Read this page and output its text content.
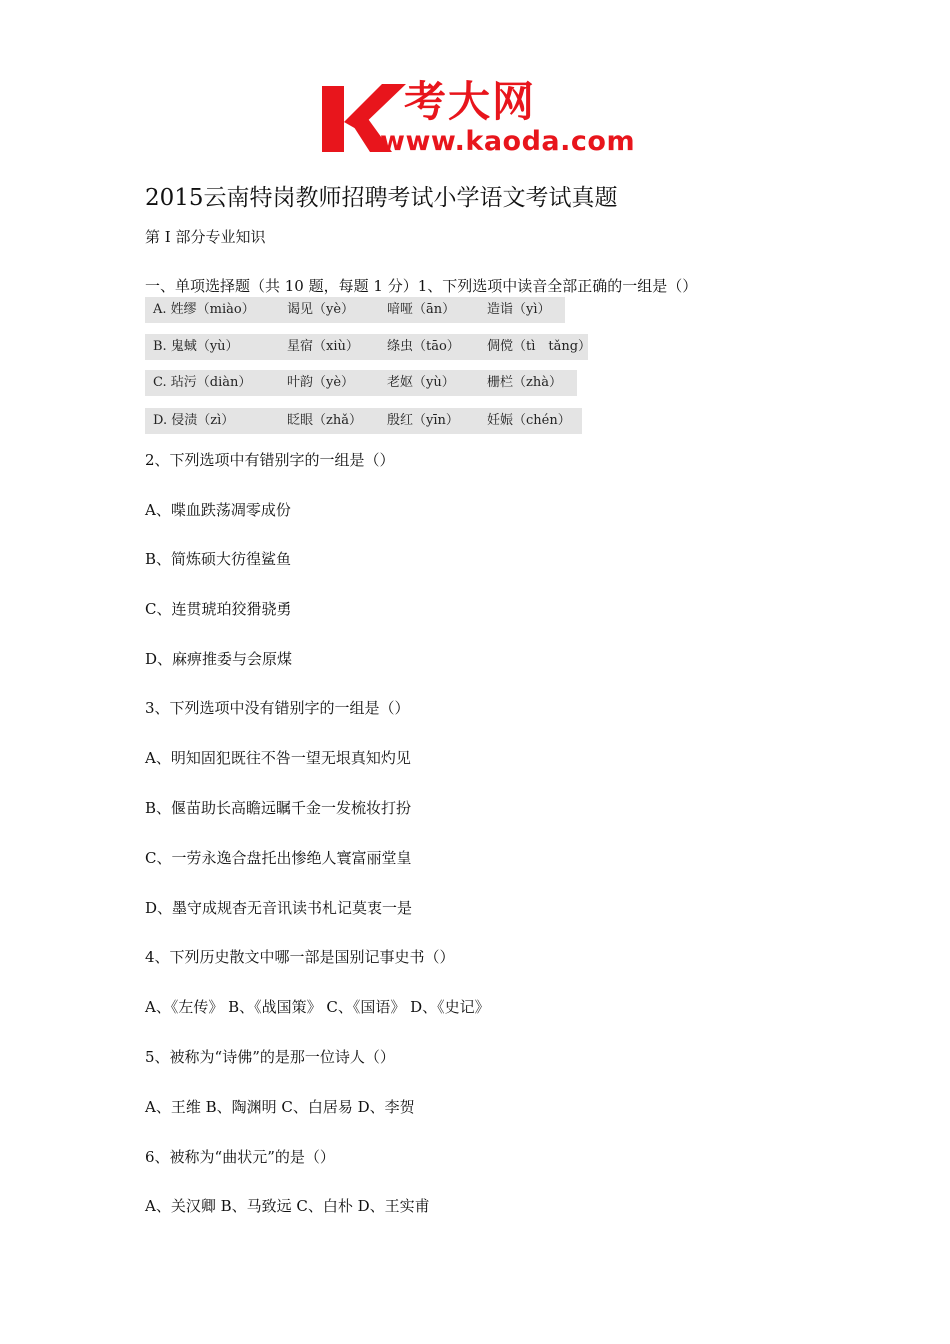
考大网
www.kaoda.com
2015云南特岗教师招聘考试小学语文考试真题
第 I 部分专业知识
一、单项选择题（共 10 题，每题 1 分）1、下列选项中读音全部正确的一组是（）
A. 姓缪（miào） 谒见（yè）	喑哑（ān） 造诣（yì）
B. 鬼蜮（yù）	星宿（xiù） 绦虫（tāo） 倜傥（tì　tǎng）
C. 玷污（diàn）	叶韵（yè）	老妪（yù） 栅栏（zhà）
D. 侵渍（zì）	眨眼（zhǎ） 殷红（yīn） 妊娠（chén）
2、下列选项中有错别字的一组是（）
A、喋血跌荡凋零成份
B、简炼硕大彷徨鲨鱼
C、连贯琥珀狡猾骁勇
D、麻痹推委与会原煤
3、下列选项中没有错别字的一组是（）
A、明知固犯既往不咎一望无垠真知灼见
B、偃苗助长高瞻远瞩千金一发梳妆打扮
C、一劳永逸合盘托出惨绝人寰富丽堂皇
D、墨守成规杳无音讯读书札记莫衷一是
4、下列历史散文中哪一部是国别记事史书（）
A、《左传》 B、《战国策》 C、《国语》 D、《史记》
5、被称为“诗佛”的是那一位诗人（）
A、王维 B、陶渊明 C、白居易 D、李贺
6、被称为“曲状元”的是（）
A、关汉卿 B、马致远 C、白朴 D、王实甫
